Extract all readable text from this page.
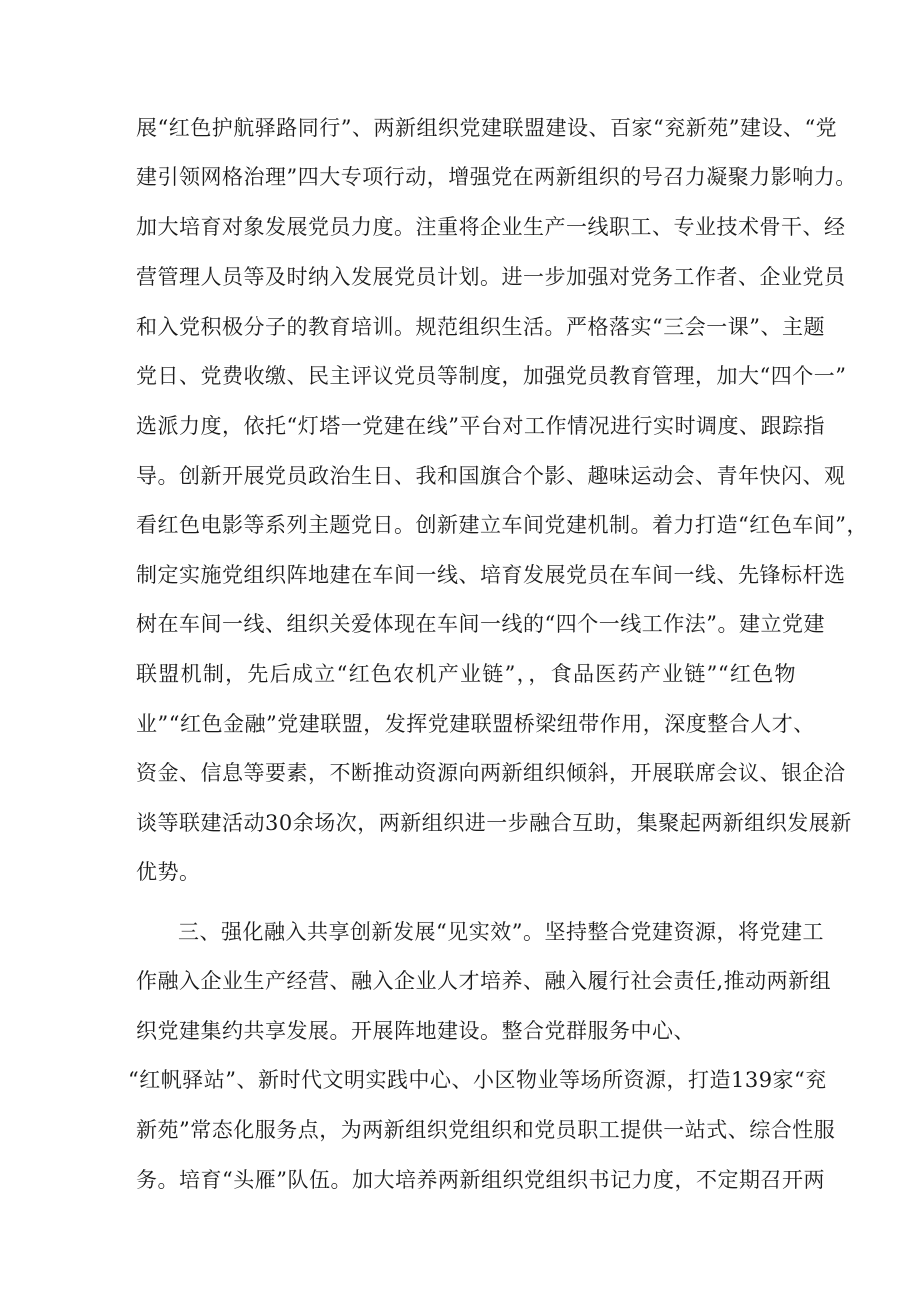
展“红色护航驿路同行”、两新组织党建联盟建设、百家“兖新苑”建设、“党
建引领网格治理”四大专项行动，增强党在两新组织的号召力凝聚力影响力。
加大培育对象发展党员力度。注重将企业生产一线职工、专业技术骨干、经
营管理人员等及时纳入发展党员计划。进一步加强对党务工作者、企业党员
和入党积极分子的教育培训。规范组织生活。严格落实“三会一课”、主题
党日、党费收缴、民主评议党员等制度，加强党员教育管理，加大“四个一”
选派力度，依托“灯塔一党建在线”平台对工作情况进行实时调度、跟踪指
导。创新开展党员政治生日、我和国旗合个影、趣味运动会、青年快闪、观
看红色电影等系列主题党日。创新建立车间党建机制。着力打造“红色车间”，
制定实施党组织阵地建在车间一线、培育发展党员在车间一线、先锋标杆选
树在车间一线、组织关爱体现在车间一线的“四个一线工作法”。建立党建
联盟机制，先后成立“红色农机产业链”，，食品医药产业链”“红色物
业”“红色金融”党建联盟，发挥党建联盟桥梁纽带作用，深度整合人才、
资金、信息等要素，不断推动资源向两新组织倾斜，开展联席会议、银企洽
谈等联建活动30余场次，两新组织进一步融合互助，集聚起两新组织发展新
优势。
三、强化融入共享创新发展“见实效”。坚持整合党建资源，将党建工
作融入企业生产经营、融入企业人才培养、融入履行社会责任,推动两新组
织党建集约共享发展。开展阵地建设。整合党群服务中心、
“红帆驿站”、新时代文明实践中心、小区物业等场所资源，打造139家“兖
新苑”常态化服务点，为两新组织党组织和党员职工提供一站式、综合性服
务。培育“头雁”队伍。加大培养两新组织党组织书记力度，不定期召开两
